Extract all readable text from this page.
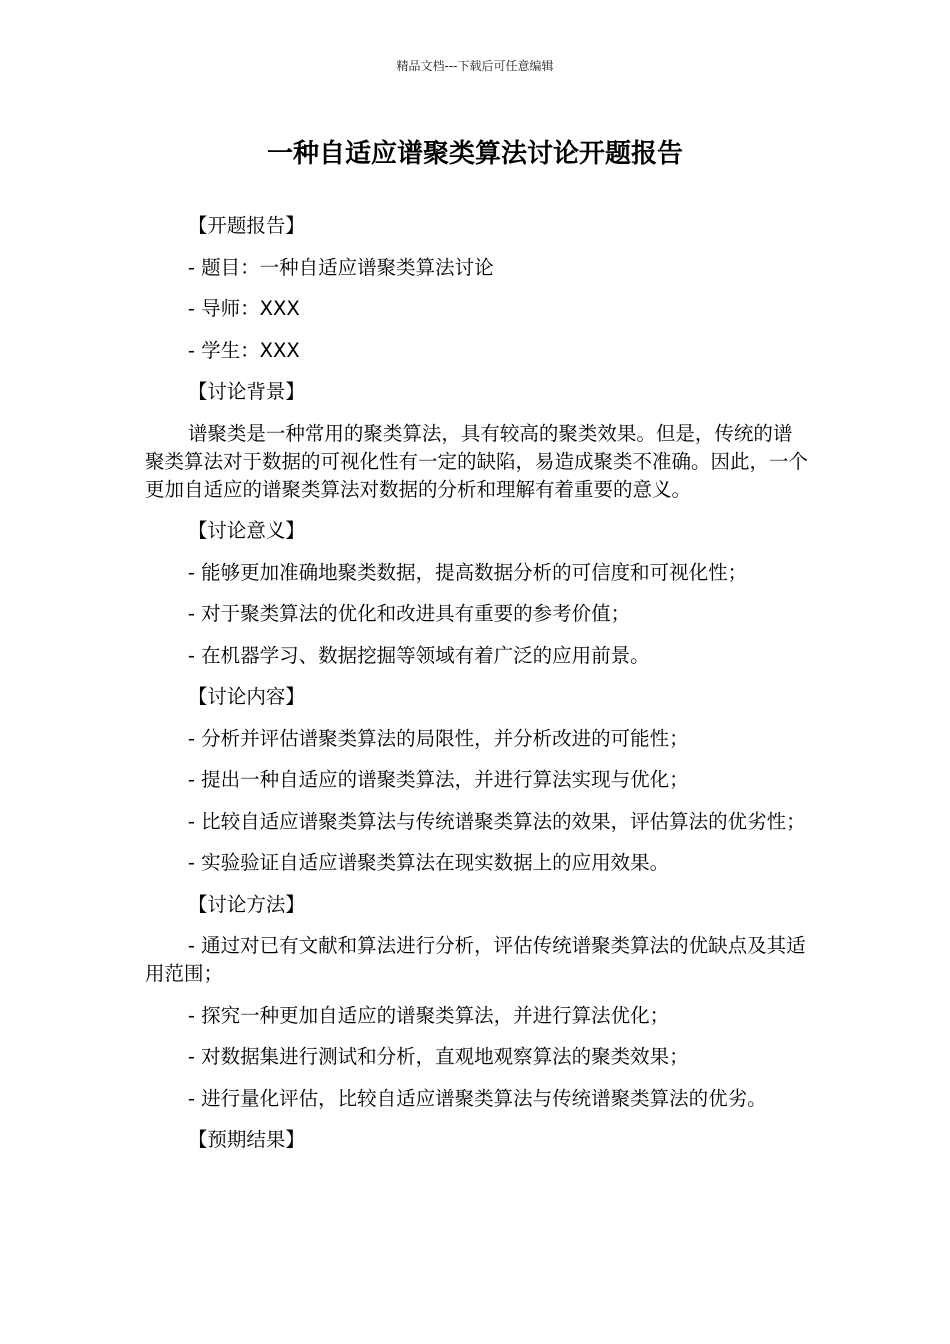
精品文档---下载后可任意编辑
一种自适应谱聚类算法讨论开题报告

【开题报告】

- 题目：一种自适应谱聚类算法讨论

- 导师：XXX

- 学生：XXX

【讨论背景】

谱聚类是一种常用的聚类算法，具有较高的聚类效果。但是，传统的谱聚类算法对于数据的可视化性有一定的缺陷，易造成聚类不准确。因此，一个更加自适应的谱聚类算法对数据的分析和理解有着重要的意义。

【讨论意义】

- 能够更加准确地聚类数据，提高数据分析的可信度和可视化性；

- 对于聚类算法的优化和改进具有重要的参考价值；

- 在机器学习、数据挖掘等领域有着广泛的应用前景。

【讨论内容】

- 分析并评估谱聚类算法的局限性，并分析改进的可能性；

- 提出一种自适应的谱聚类算法，并进行算法实现与优化；

- 比较自适应谱聚类算法与传统谱聚类算法的效果，评估算法的优劣性；

- 实验验证自适应谱聚类算法在现实数据上的应用效果。

【讨论方法】

- 通过对已有文献和算法进行分析，评估传统谱聚类算法的优缺点及其适用范围；

- 探究一种更加自适应的谱聚类算法，并进行算法优化；

- 对数据集进行测试和分析，直观地观察算法的聚类效果；

- 进行量化评估，比较自适应谱聚类算法与传统谱聚类算法的优劣。

【预期结果】
